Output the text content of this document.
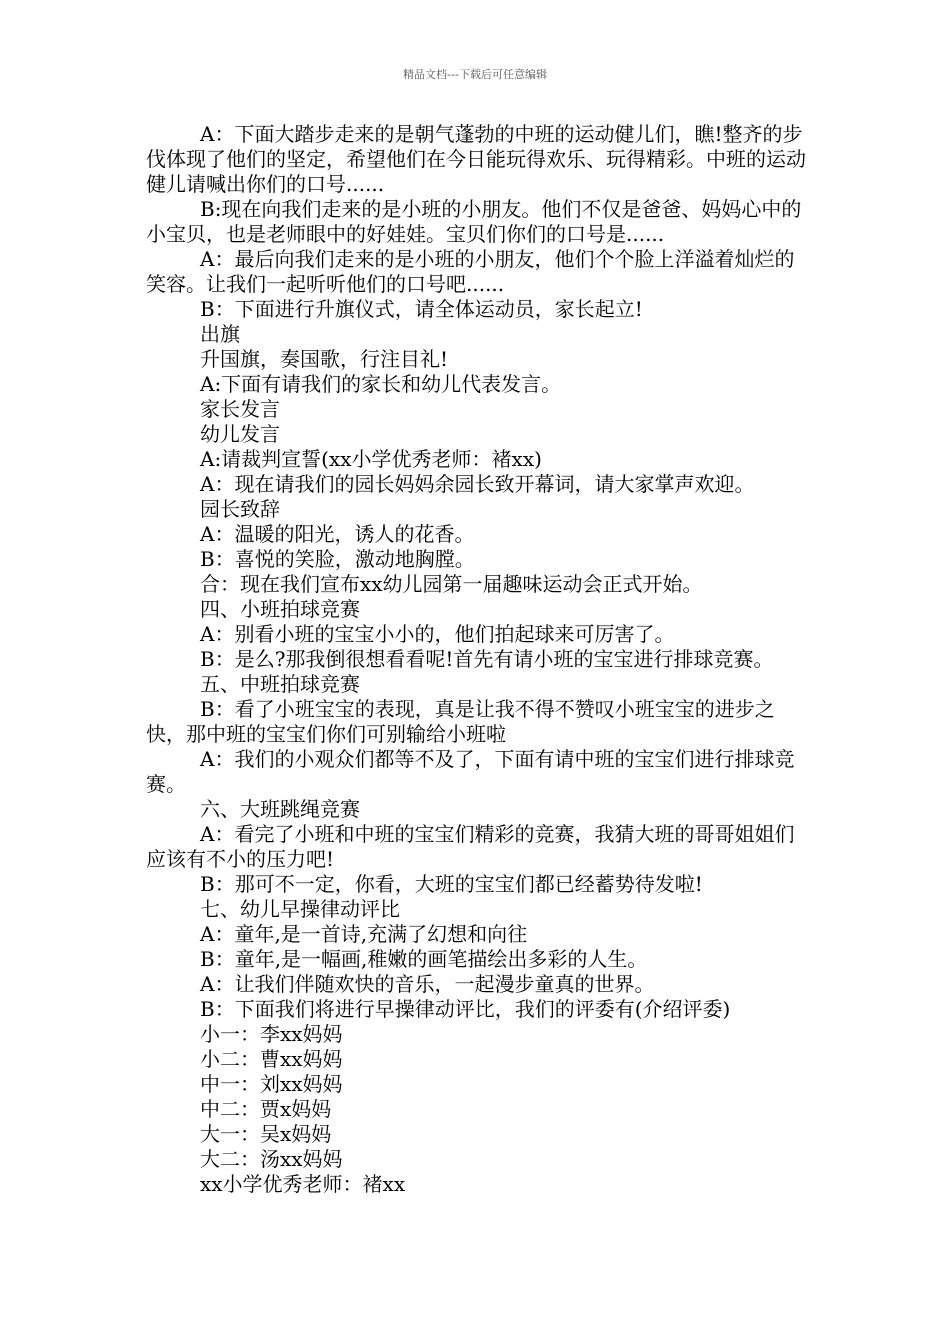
精品文档---下载后可任意编辑

A：下面大踏步走来的是朝气蓬勃的中班的运动健儿们，瞧!整齐的步伐体现了他们的坚定，希望他们在今日能玩得欢乐、玩得精彩。中班的运动健儿请喊出你们的口号......

B:现在向我们走来的是小班的小朋友。他们不仅是爸爸、妈妈心中的小宝贝，也是老师眼中的好娃娃。宝贝们你们的口号是......

A：最后向我们走来的是小班的小朋友，他们个个脸上洋溢着灿烂的笑容。让我们一起听听他们的口号吧......

B：下面进行升旗仪式，请全体运动员，家长起立!

出旗

升国旗，奏国歌，行注目礼!

A:下面有请我们的家长和幼儿代表发言。

家长发言

幼儿发言

A:请裁判宣誓(xx小学优秀老师：褚xx)

A：现在请我们的园长妈妈余园长致开幕词，请大家掌声欢迎。

园长致辞

A：温暖的阳光，诱人的花香。

B：喜悦的笑脸，激动地胸膛。

合：现在我们宣布xx幼儿园第一届趣味运动会正式开始。

四、小班拍球竞赛

A：别看小班的宝宝小小的，他们拍起球来可厉害了。

B：是么?那我倒很想看看呢!首先有请小班的宝宝进行排球竞赛。

五、中班拍球竞赛

B：看了小班宝宝的表现，真是让我不得不赞叹小班宝宝的进步之快，那中班的宝宝们你们可别输给小班啦

A：我们的小观众们都等不及了，下面有请中班的宝宝们进行排球竞赛。

六、大班跳绳竞赛

A：看完了小班和中班的宝宝们精彩的竞赛，我猜大班的哥哥姐姐们应该有不小的压力吧!

B：那可不一定，你看，大班的宝宝们都已经蓄势待发啦!

七、幼儿早操律动评比

A：童年,是一首诗,充满了幻想和向往

B：童年,是一幅画,稚嫩的画笔描绘出多彩的人生。

A：让我们伴随欢快的音乐，一起漫步童真的世界。

B：下面我们将进行早操律动评比，我们的评委有(介绍评委)

小一：李xx妈妈

小二：曹xx妈妈

中一：刘xx妈妈

中二：贾x妈妈

大一：吴x妈妈

大二：汤xx妈妈

xx小学优秀老师：褚xx
